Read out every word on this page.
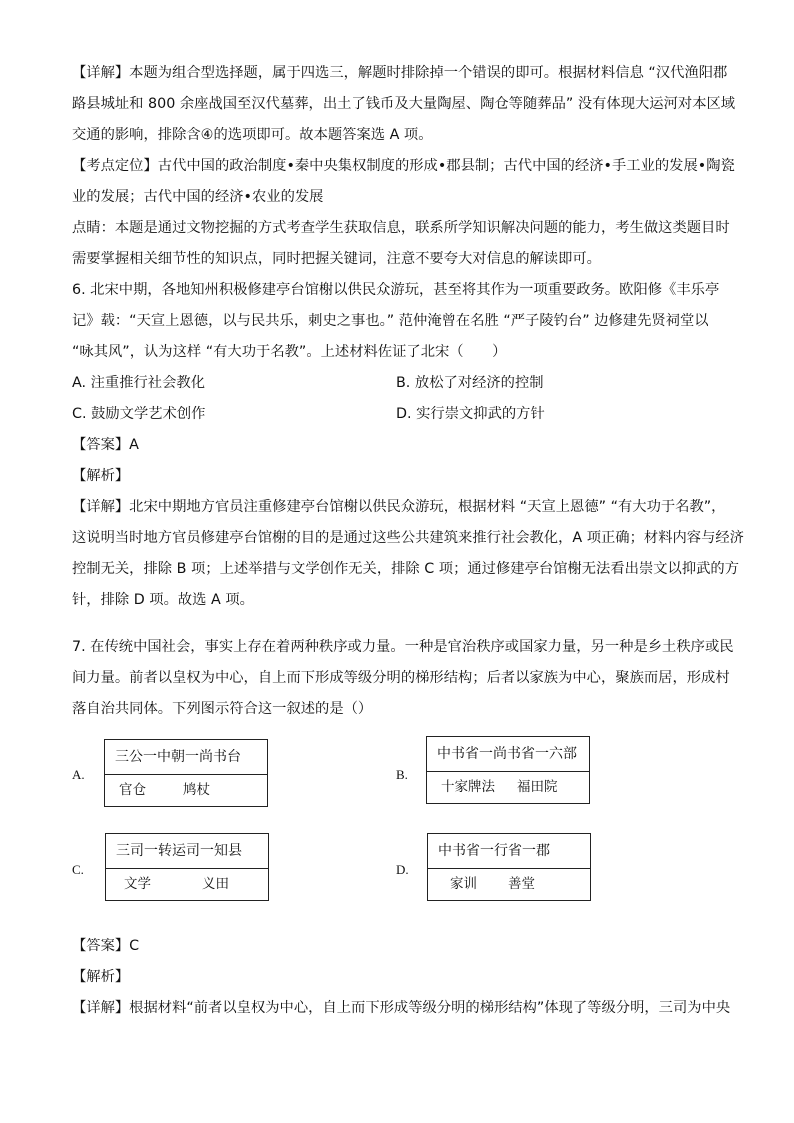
【详解】本题为组合型选择题，属于四选三，解题时排除掉一个错误的即可。根据材料信息 “汉代渔阳郡
路县城址和 800 余座战国至汉代墓葬，出土了钱币及大量陶屋、陶仓等随葬品” 没有体现大运河对本区域
交通的影响，排除含④的选项即可。故本题答案选 A 项。
【考点定位】古代中国的政治制度•秦中央集权制度的形成•郡县制；古代中国的经济•手工业的发展•陶瓷
业的发展；古代中国的经济•农业的发展
点睛：本题是通过文物挖掘的方式考查学生获取信息，联系所学知识解决问题的能力，考生做这类题目时
需要掌握相关细节性的知识点，同时把握关键词，注意不要夸大对信息的解读即可。
6. 北宋中期，各地知州积极修建亭台馆榭以供民众游玩，甚至将其作为一项重要政务。欧阳修《丰乐亭
记》载：“天宣上恩德，以与民共乐，刺史之事也。” 范仲淹曾在名胜 “严子陵钓台” 边修建先贤祠堂以
“咏其风”，认为这样 “有大功于名教”。上述材料佐证了北宋（　　）
A. 注重推行社会教化	B. 放松了对经济的控制
C. 鼓励文学艺术创作	D. 实行崇文抑武的方针
【答案】A
【解析】
【详解】北宋中期地方官员注重修建亭台馆榭以供民众游玩，根据材料 “天宣上恩德” “有大功于名教”，
这说明当时地方官员修建亭台馆榭的目的是通过这些公共建筑来推行社会教化，A 项正确；材料内容与经济
控制无关，排除 B 项；上述举措与文学创作无关，排除 C 项；通过修建亭台馆榭无法看出崇文以抑武的方
针，排除 D 项。故选 A 项。
7. 在传统中国社会，事实上存在着两种秩序或力量。一种是官治秩序或国家力量，另一种是乡土秩序或民
间力量。前者以皇权为中心，自上而下形成等级分明的梯形结构；后者以家族为中心，聚族而居，形成村
落自治共同体。下列图示符合这一叙述的是（）
A.
三公一中朝一尚书台
官仓	鸠杖
B.
中书省一尚书省一六部
十家牌法	福田院
C.
三司一转运司一知县
文学	义田
D.
中书省一行省一郡
家训	善堂
【答案】C
【解析】
【详解】根据材料“前者以皇权为中心，自上而下形成等级分明的梯形结构”体现了等级分明，三司为中央
